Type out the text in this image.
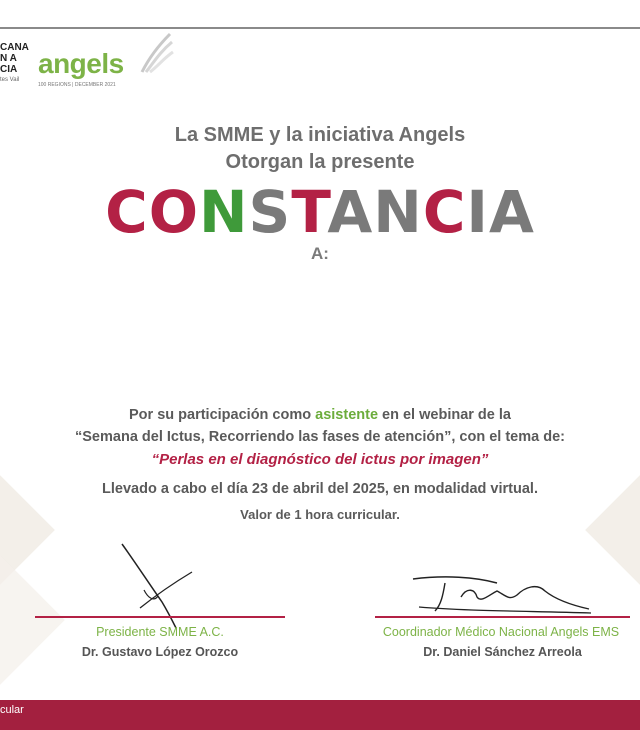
CANA
N A
CIA
tes Vail
angels
100 REGIONS | DECEMBER 2021
La SMME y la iniciativa Angels
Otorgan la presente
CONSTANCIA
A:
Por su participación como asistente en el webinar de la
“Semana del Ictus, Recorriendo las fases de atención”, con el tema de:
“Perlas en el diagnóstico del ictus por imagen”
Llevado a cabo el día 23 de abril del 2025, en modalidad virtual.
Valor de 1 hora curricular.
Presidente SMME A.C.
Dr. Gustavo López Orozco
Coordinador Médico Nacional Angels EMS
Dr. Daniel Sánchez Arreola
cular
